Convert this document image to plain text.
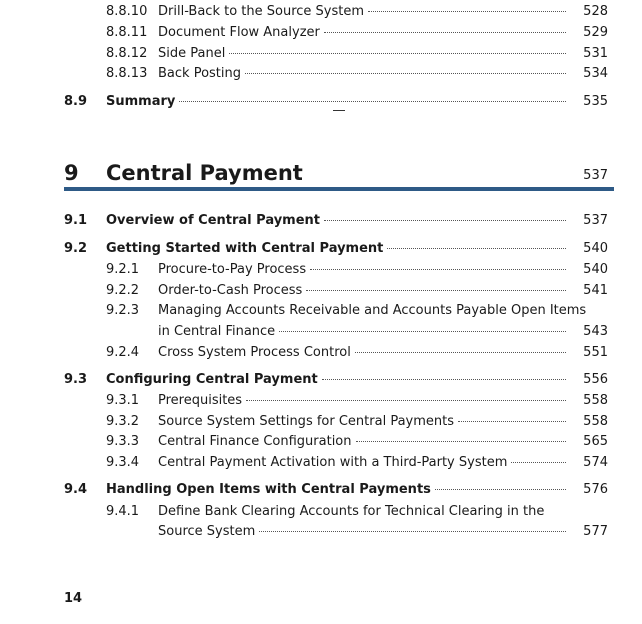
8.8.10 Drill-Back to the Source System	528
8.8.11 Document Flow Analyzer	529
8.8.12 Side Panel	531
8.8.13 Back Posting	534
8.9 Summary	535
9 Central Payment	537
9.1 Overview of Central Payment	537
9.2 Getting Started with Central Payment	540
9.2.1 Procure-to-Pay Process	540
9.2.2 Order-to-Cash Process	541
9.2.3 Managing Accounts Receivable and Accounts Payable Open Items
in Central Finance	543
9.2.4 Cross System Process Control	551
9.3 Configuring Central Payment	556
9.3.1 Prerequisites	558
9.3.2 Source System Settings for Central Payments	558
9.3.3 Central Finance Configuration	565
9.3.4 Central Payment Activation with a Third-Party System	574
9.4 Handling Open Items with Central Payments	576
9.4.1 Define Bank Clearing Accounts for Technical Clearing in the
Source System	577
14
